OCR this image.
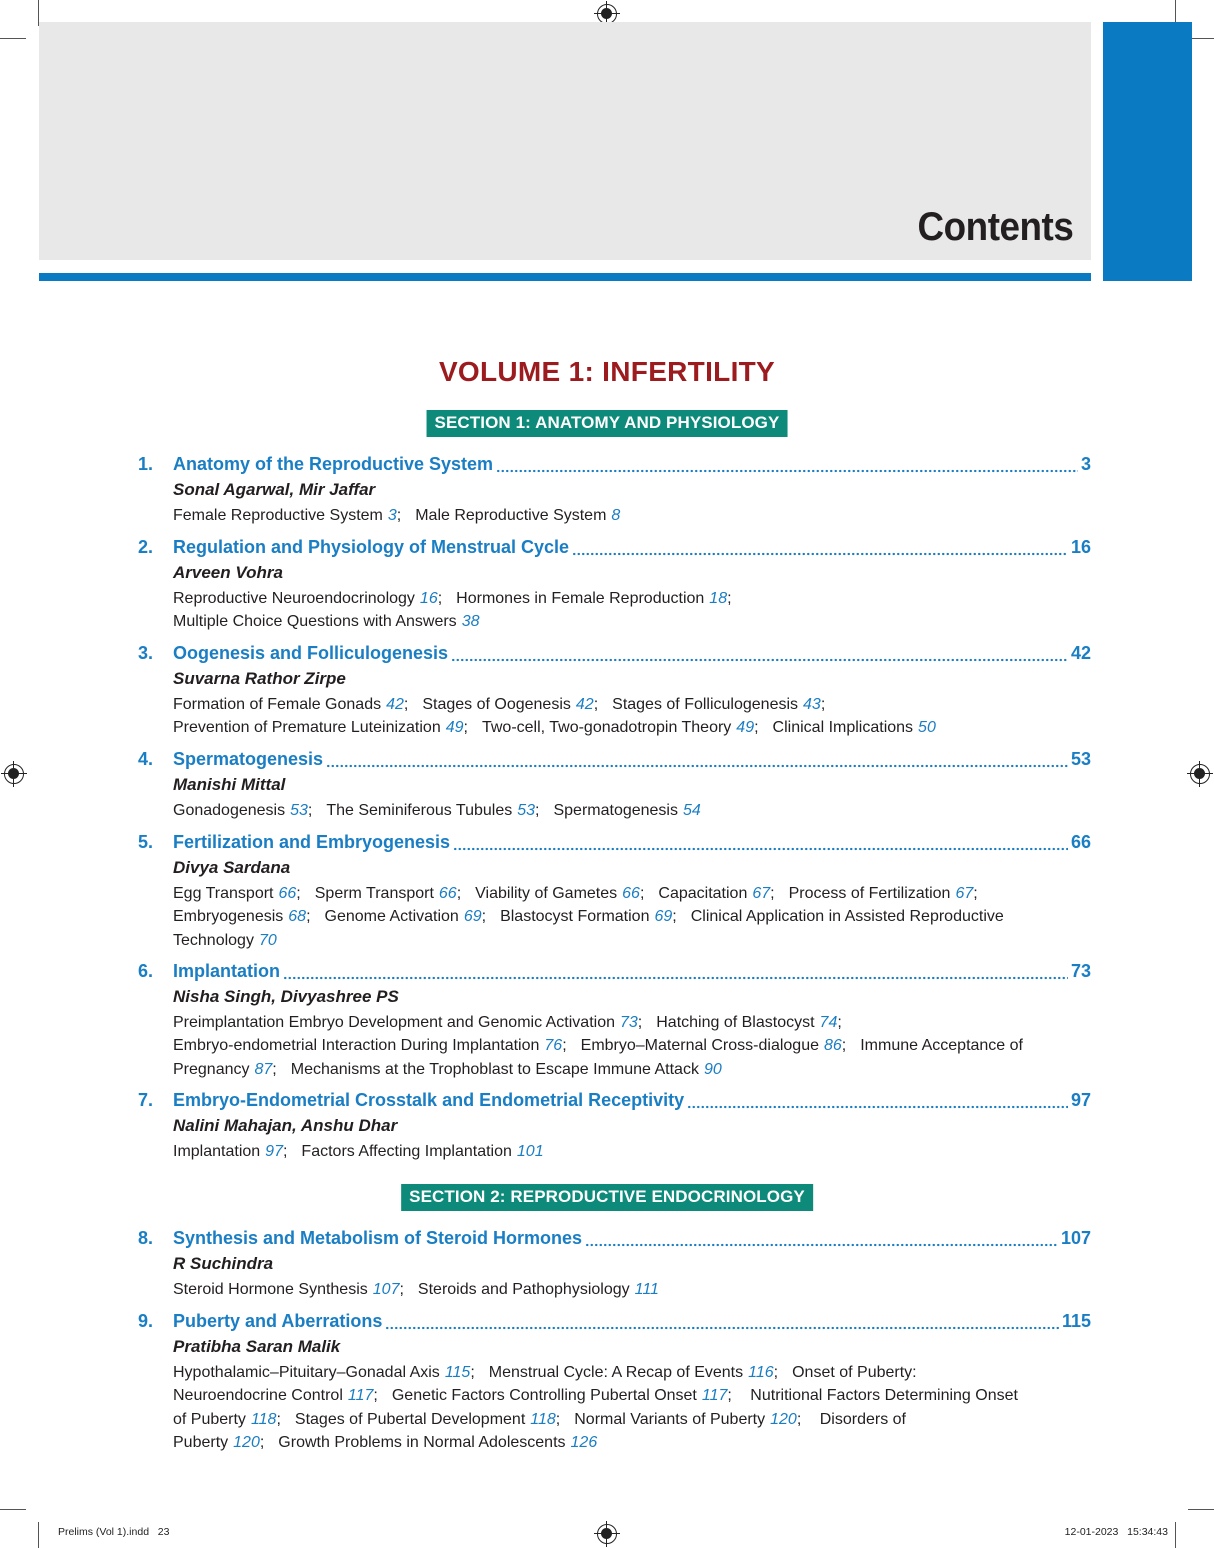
Contents
VOLUME 1: INFERTILITY
SECTION 1: ANATOMY AND PHYSIOLOGY
1.	Anatomy of the Reproductive System	3
Sonal Agarwal, Mir Jaffar
Female Reproductive System 3; Male Reproductive System 8
2.	Regulation and Physiology of Menstrual Cycle	16
Arveen Vohra
Reproductive Neuroendocrinology 16; Hormones in Female Reproduction 18;
Multiple Choice Questions with Answers 38
3.	Oogenesis and Folliculogenesis	42
Suvarna Rathor Zirpe
Formation of Female Gonads 42; Stages of Oogenesis 42; Stages of Folliculogenesis 43;
Prevention of Premature Luteinization 49; Two-cell, Two-gonadotropin Theory 49; Clinical Implications 50
4.	Spermatogenesis	53
Manishi Mittal
Gonadogenesis 53; The Seminiferous Tubules 53; Spermatogenesis 54
5.	Fertilization and Embryogenesis	66
Divya Sardana
Egg Transport 66; Sperm Transport 66; Viability of Gametes 66; Capacitation 67; Process of Fertilization 67;
Embryogenesis 68; Genome Activation 69; Blastocyst Formation 69; Clinical Application in Assisted Reproductive Technology 70
6.	Implantation	73
Nisha Singh, Divyashree PS
Preimplantation Embryo Development and Genomic Activation 73; Hatching of Blastocyst 74;
Embryo-endometrial Interaction During Implantation 76; Embryo–Maternal Cross-dialogue 86; Immune Acceptance of Pregnancy 87; Mechanisms at the Trophoblast to Escape Immune Attack 90
7.	Embryo-Endometrial Crosstalk and Endometrial Receptivity	97
Nalini Mahajan, Anshu Dhar
Implantation 97; Factors Affecting Implantation 101
SECTION 2: REPRODUCTIVE ENDOCRINOLOGY
8.	Synthesis and Metabolism of Steroid Hormones	107
R Suchindra
Steroid Hormone Synthesis 107; Steroids and Pathophysiology 111
9.	Puberty and Aberrations	115
Pratibha Saran Malik
Hypothalamic–Pituitary–Gonadal Axis 115; Menstrual Cycle: A Recap of Events 116; Onset of Puberty: Neuroendocrine Control 117; Genetic Factors Controlling Pubertal Onset 117; Nutritional Factors Determining Onset of Puberty 118; Stages of Pubertal Development 118; Normal Variants of Puberty 120; Disorders of Puberty 120; Growth Problems in Normal Adolescents 126
Prelims (Vol 1).indd   23	12-01-2023   15:34:43
